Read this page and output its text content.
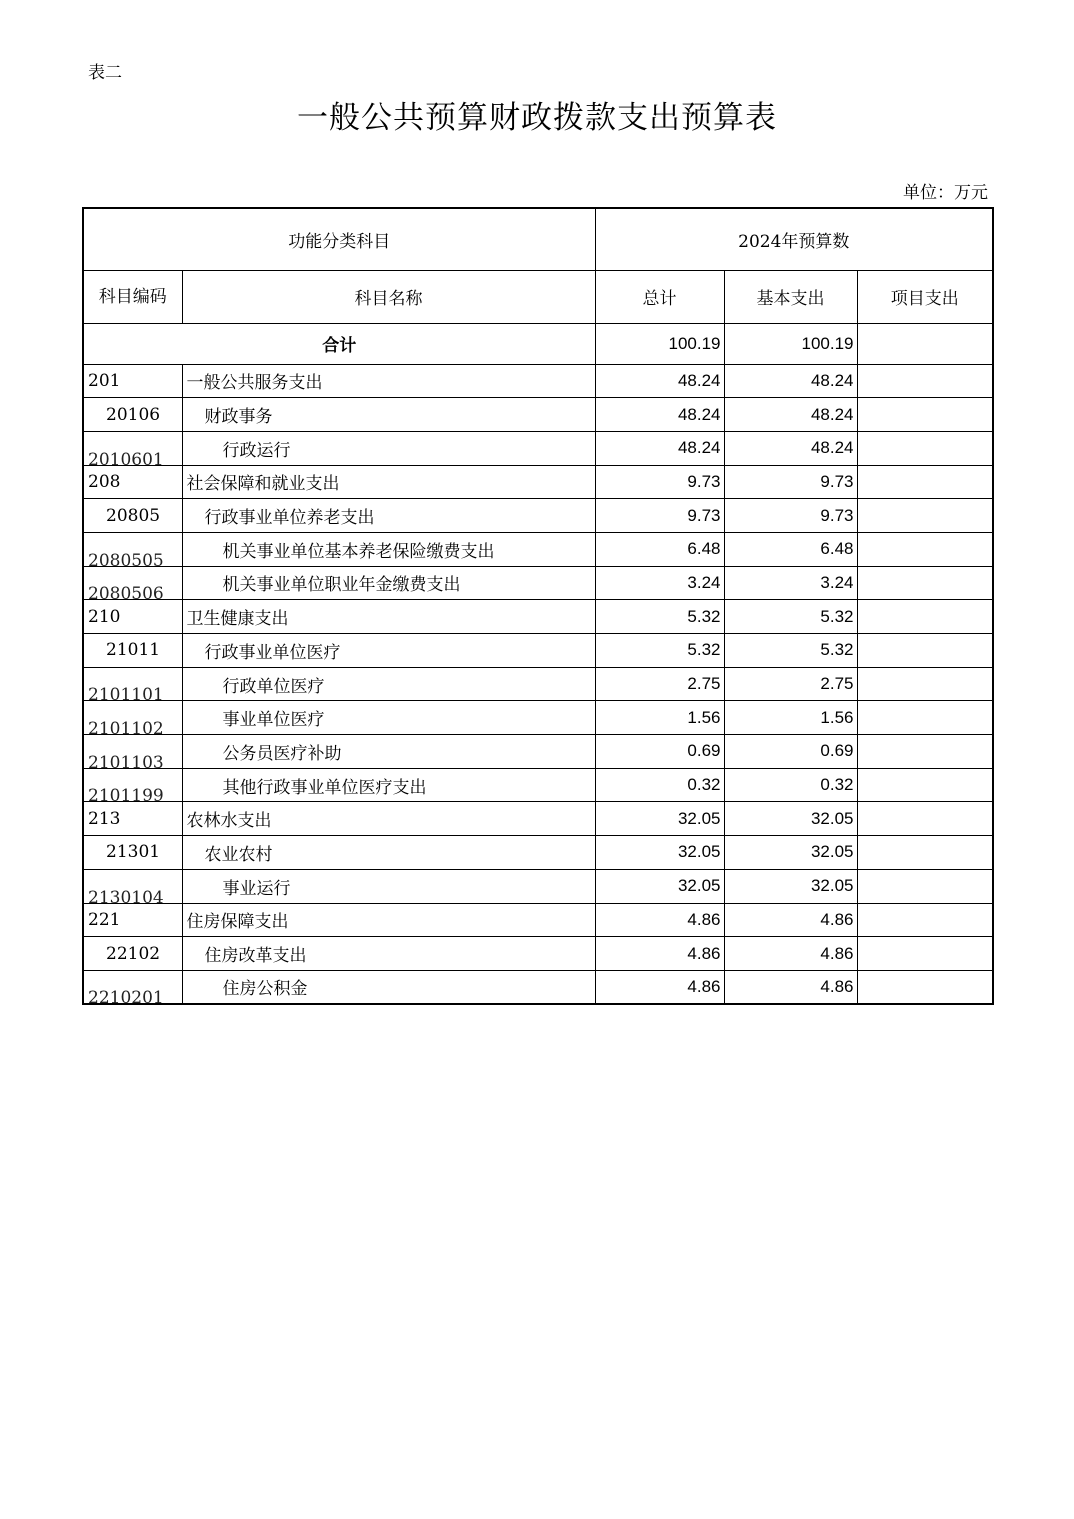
表二
一般公共预算财政拨款支出预算表
单位：万元
功能分类科目		2024年预算数		
科目编码	科目名称	总计	基本支出	项目支出
合计		100.19	100.19	
201	一般公共服务支出	48.24	48.24	
20106	财政事务	48.24	48.24	
2010601	行政运行	48.24	48.24	
208	社会保障和就业支出	9.73	9.73	
20805	行政事业单位养老支出	9.73	9.73	
2080505	机关事业单位基本养老保险缴费支出	6.48	6.48	
2080506	机关事业单位职业年金缴费支出	3.24	3.24	
210	卫生健康支出	5.32	5.32	
21011	行政事业单位医疗	5.32	5.32	
2101101	行政单位医疗	2.75	2.75	
2101102	事业单位医疗	1.56	1.56	
2101103	公务员医疗补助	0.69	0.69	
2101199	其他行政事业单位医疗支出	0.32	0.32	
213	农林水支出	32.05	32.05	
21301	农业农村	32.05	32.05	
2130104	事业运行	32.05	32.05	
221	住房保障支出	4.86	4.86	
22102	住房改革支出	4.86	4.86	
2210201	住房公积金	4.86	4.86	
